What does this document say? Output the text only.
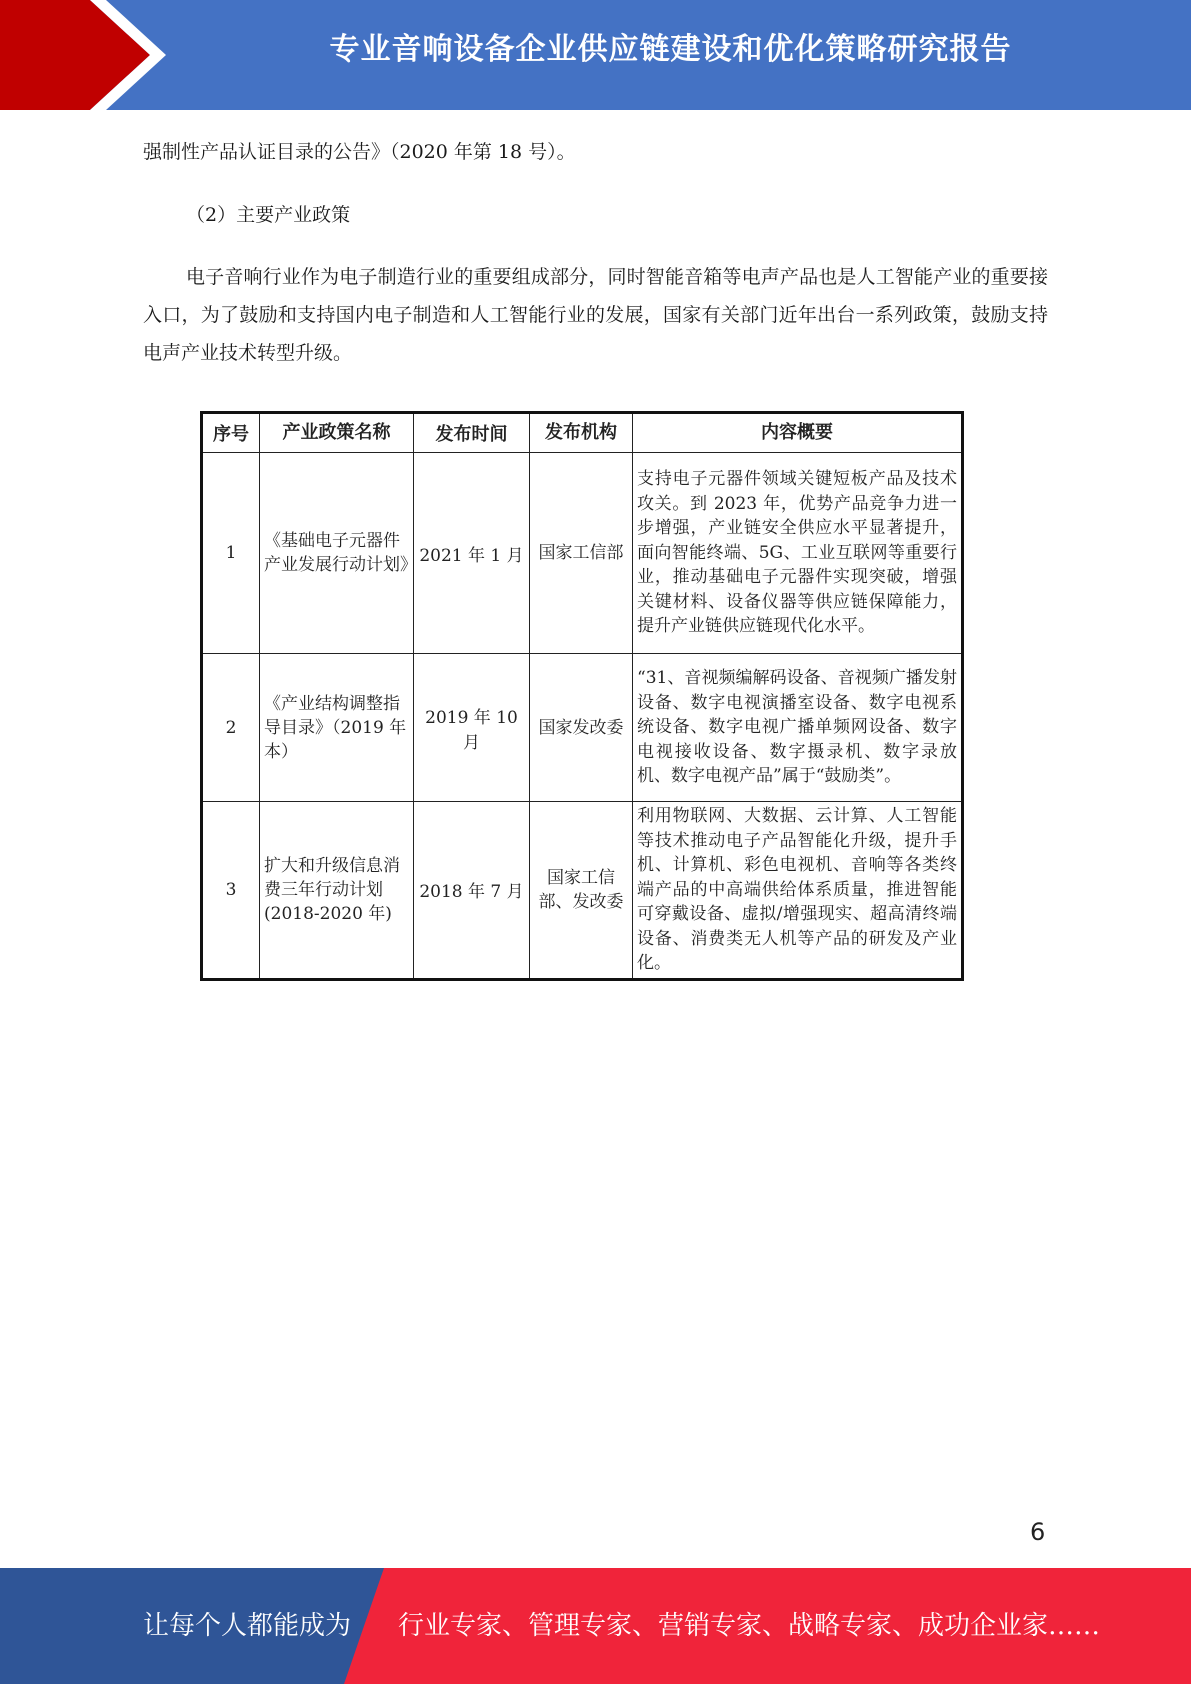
专业音响设备企业供应链建设和优化策略研究报告

强制性产品认证目录的公告》（2020 年第 18 号）。

（2）主要产业政策

电子音响行业作为电子制造行业的重要组成部分，同时智能音箱等电声产品也是人工智能产业的重要接入口，为了鼓励和支持国内电子制造和人工智能行业的发展，国家有关部门近年出台一系列政策，鼓励支持电声产业技术转型升级。

序号	产业政策名称	发布时间	发布机构	内容概要
1	《基础电子元器件产业发展行动计划》	2021 年 1 月	国家工信部	支持电子元器件领域关键短板产品及技术攻关。到 2023 年，优势产品竞争力进一步增强，产业链安全供应水平显著提升，面向智能终端、5G、工业互联网等重要行业，推动基础电子元器件实现突破，增强关键材料、设备仪器等供应链保障能力，提升产业链供应链现代化水平。
2	《产业结构调整指导目录》（2019 年本）	2019 年 10 月	国家发改委	“31、音视频编解码设备、音视频广播发射设备、数字电视演播室设备、数字电视系统设备、数字电视广播单频网设备、数字电视接收设备、数字摄录机、数字录放机、数字电视产品”属于“鼓励类”。
3	扩大和升级信息消费三年行动计划(2018-2020 年)	2018 年 7 月	国家工信部、发改委	利用物联网、大数据、云计算、人工智能等技术推动电子产品智能化升级，提升手机、计算机、彩色电视机、音响等各类终端产品的中高端供给体系质量，推进智能可穿戴设备、虚拟/增强现实、超高清终端设备、消费类无人机等产品的研发及产业化。
6
让每个人都能成为 行业专家、管理专家、营销专家、战略专家、成功企业家……
